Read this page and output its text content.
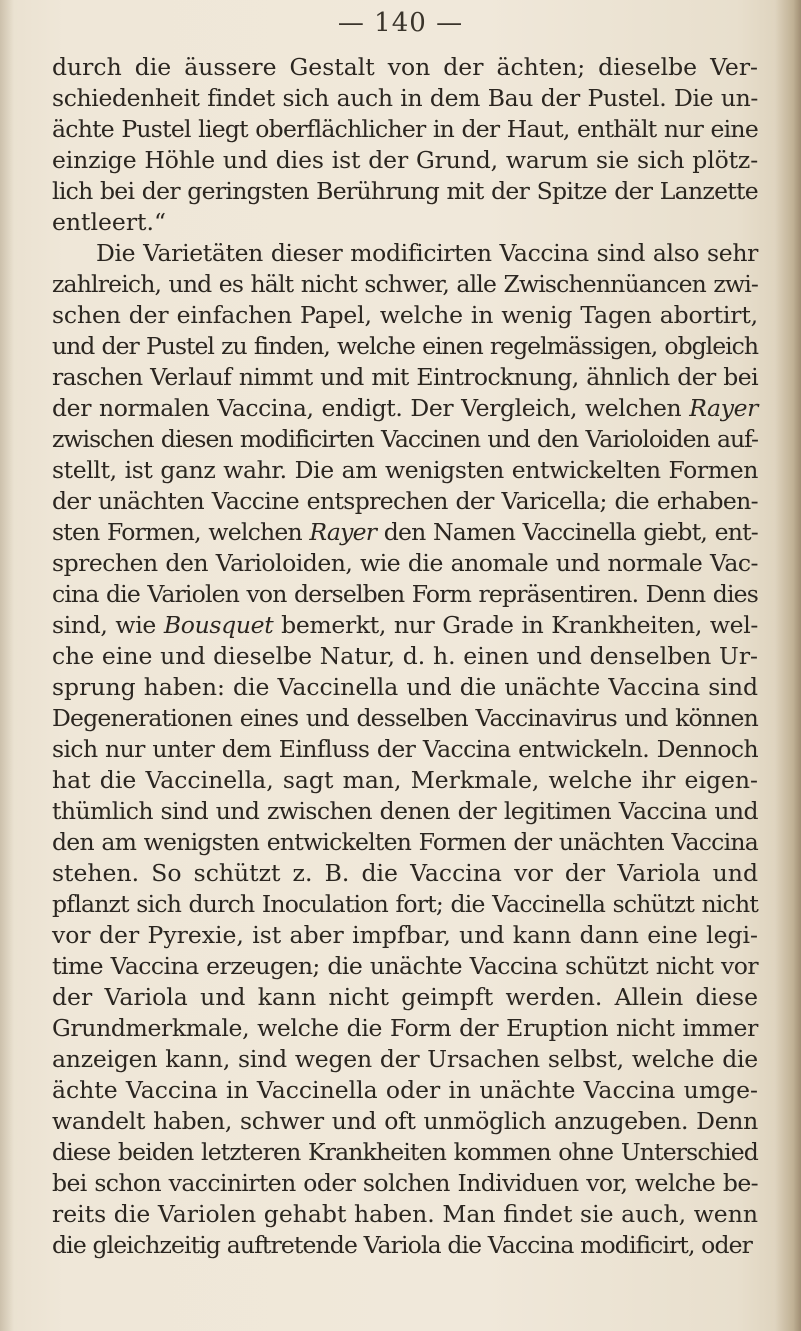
— 140 —
durch die äussere Gestalt von der ächten; dieselbe Ver-
schiedenheit findet sich auch in dem Bau der Pustel. Die un-
ächte Pustel liegt oberflächlicher in der Haut, enthält nur eine
einzige Höhle und dies ist der Grund, warum sie sich plötz-
lich bei der geringsten Berührung mit der Spitze der Lanzette
entleert.“
Die Varietäten dieser modificirten Vaccina sind also sehr
zahlreich, und es hält nicht schwer, alle Zwischennüancen zwi-
schen der einfachen Papel, welche in wenig Tagen abortirt,
und der Pustel zu finden, welche einen regelmässigen, obgleich
raschen Verlauf nimmt und mit Eintrocknung, ähnlich der bei
der normalen Vaccina, endigt. Der Vergleich, welchen Rayer
zwischen diesen modificirten Vaccinen und den Varioloiden auf-
stellt, ist ganz wahr. Die am wenigsten entwickelten Formen
der unächten Vaccine entsprechen der Varicella; die erhaben-
sten Formen, welchen Rayer den Namen Vaccinella giebt, ent-
sprechen den Varioloiden, wie die anomale und normale Vac-
cina die Variolen von derselben Form repräsentiren. Denn dies
sind, wie Bousquet bemerkt, nur Grade in Krankheiten, wel-
che eine und dieselbe Natur, d. h. einen und denselben Ur-
sprung haben: die Vaccinella und die unächte Vaccina sind
Degenerationen eines und desselben Vaccinavirus und können
sich nur unter dem Einfluss der Vaccina entwickeln. Dennoch
hat die Vaccinella, sagt man, Merkmale, welche ihr eigen-
thümlich sind und zwischen denen der legitimen Vaccina und
den am wenigsten entwickelten Formen der unächten Vaccina
stehen. So schützt z. B. die Vaccina vor der Variola und
pflanzt sich durch Inoculation fort; die Vaccinella schützt nicht
vor der Pyrexie, ist aber impfbar, und kann dann eine legi-
time Vaccina erzeugen; die unächte Vaccina schützt nicht vor
der Variola und kann nicht geimpft werden. Allein diese
Grundmerkmale, welche die Form der Eruption nicht immer
anzeigen kann, sind wegen der Ursachen selbst, welche die
ächte Vaccina in Vaccinella oder in unächte Vaccina umge-
wandelt haben, schwer und oft unmöglich anzugeben. Denn
diese beiden letzteren Krankheiten kommen ohne Unterschied
bei schon vaccinirten oder solchen Individuen vor, welche be-
reits die Variolen gehabt haben. Man findet sie auch, wenn
die gleichzeitig auftretende Variola die Vaccina modificirt, oder
